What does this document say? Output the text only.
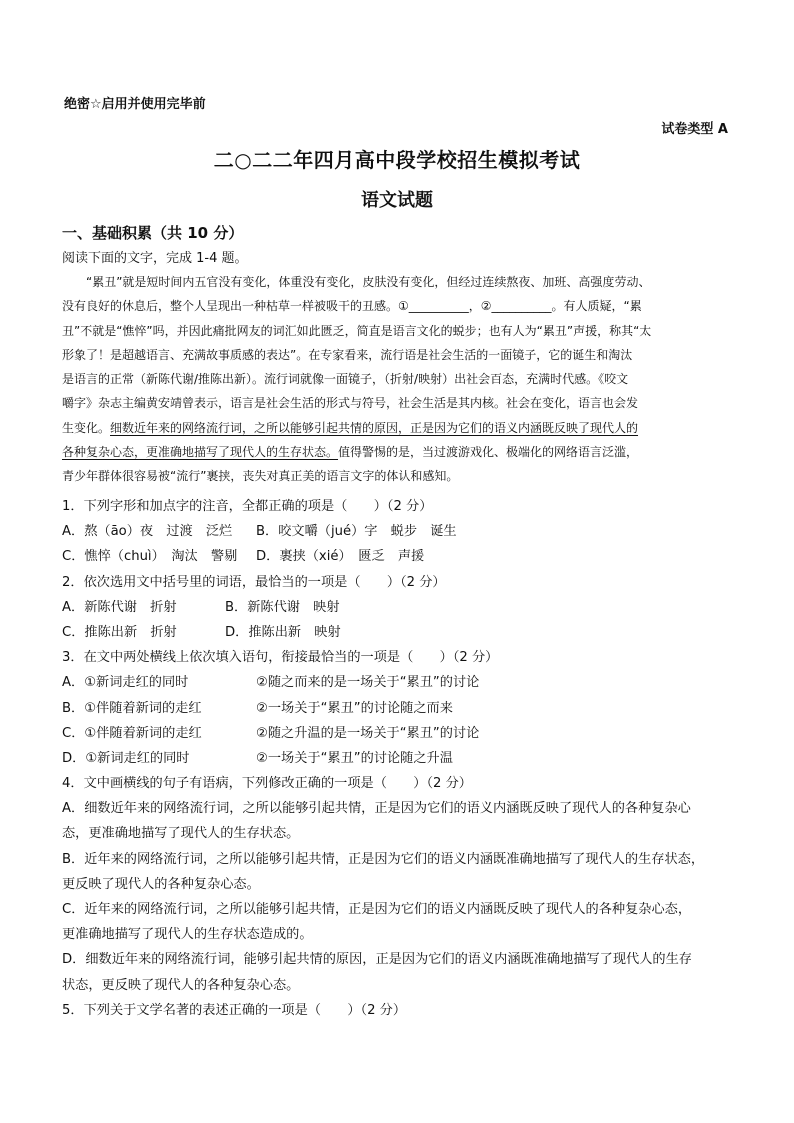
绝密☆启用并使用完毕前
试卷类型 A
二○二二年四月高中段学校招生模拟考试
语文试题
一、基础积累（共 10 分）
阅读下面的文字，完成 1-4 题。
“累丑”就是短时间内五官没有变化，体重没有变化，皮肤没有变化，但经过连续熬夜、加班、高强度劳动、
没有良好的休息后，整个人呈现出一种枯草一样被吸干的丑感。①__________，②__________。有人质疑，“累
丑”不就是“憔悴”吗，并因此痛批网友的词汇如此匮乏，简直是语言文化的蜕步；也有人为“累丑”声援，称其“太
形象了！是超越语言、充满故事质感的表达”。在专家看来，流行语是社会生活的一面镜子，它的诞生和淘汰
是语言的正常（新陈代谢/推陈出新）。流行词就像一面镜子，（折射/映射）出社会百态，充满时代感。《咬文
嚼字》杂志主编黄安靖曾表示，语言是社会生活的形式与符号，社会生活是其内核。社会在变化，语言也会发
生变化。细数近年来的网络流行词，之所以能够引起共情的原因，正是因为它们的语义内涵既反映了现代人的
各种复杂心态，更准确地描写了现代人的生存状态。值得警惕的是，当过渡游戏化、极端化的网络语言泛滥，
青少年群体很容易被“流行”裹挟，丧失对真正美的语言文字的体认和感知。
1．下列字形和加点字的注音，全都正确的项是（　　）（2 分）
A．熬（āo）夜　过渡　泛烂	B．咬文嚼（jué）字　蜕步　诞生
C．憔悴（chuì）　淘汰　警剔	D．裹挟（xié）　匮乏　声援
2．依次选用文中括号里的词语，最恰当的一项是（　　）（2 分）
A．新陈代谢　折射	B．新陈代谢　映射
C．推陈出新　折射	D．推陈出新　映射
3．在文中两处横线上依次填入语句，衔接最恰当的一项是（　　）（2 分）
A．①新词走红的同时	②随之而来的是一场关于“累丑”的讨论
B．①伴随着新词的走红	②一场关于“累丑”的讨论随之而来
C．①伴随着新词的走红	②随之升温的是一场关于“累丑”的讨论
D．①新词走红的同时	②一场关于“累丑”的讨论随之升温
4．文中画横线的句子有语病，下列修改正确的一项是（　　）（2 分）
A．细数近年来的网络流行词，之所以能够引起共情，正是因为它们的语义内涵既反映了现代人的各种复杂心
态，更准确地描写了现代人的生存状态。
B．近年来的网络流行词，之所以能够引起共情，正是因为它们的语义内涵既准确地描写了现代人的生存状态，
更反映了现代人的各种复杂心态。
C．近年来的网络流行词，之所以能够引起共情，正是因为它们的语义内涵既反映了现代人的各种复杂心态，
更准确地描写了现代人的生存状态造成的。
D．细数近年来的网络流行词，能够引起共情的原因，正是因为它们的语义内涵既准确地描写了现代人的生存
状态，更反映了现代人的各种复杂心态。
5．下列关于文学名著的表述正确的一项是（　　）（2 分）
